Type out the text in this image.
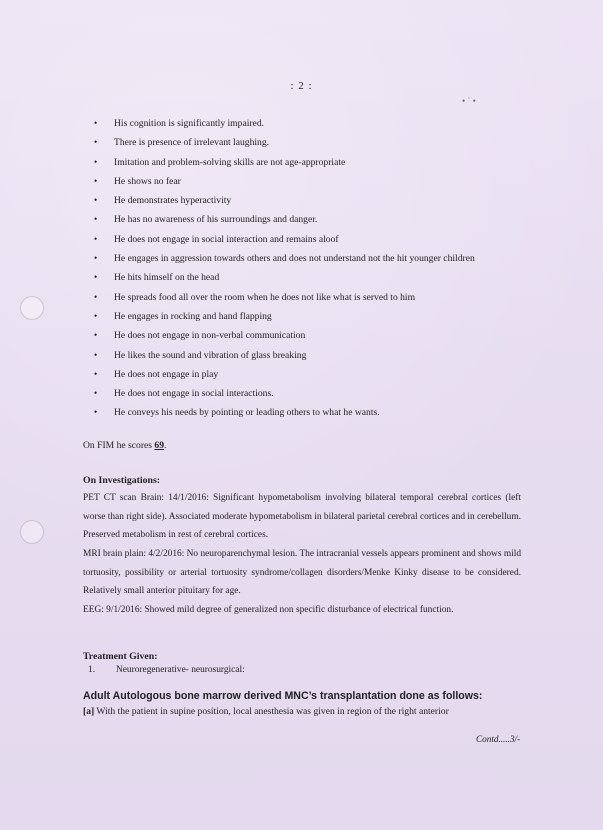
: 2 :
• ˙ •
• His cognition is significantly impaired.
• There is presence of irrelevant laughing.
• Imitation and problem-solving skills are not age-appropriate
• He shows no fear
• He demonstrates hyperactivity
• He has no awareness of his surroundings and danger.
• He does not engage in social interaction and remains aloof
• He engages in aggression towards others and does not understand not the hit younger children
• He hits himself on the head
• He spreads food all over the room when he does not like what is served to him
• He engages in rocking and hand flapping
• He does not engage in non-verbal communication
• He likes the sound and vibration of glass breaking
• He does not engage in play
• He does not engage in social interactions.
• He conveys his needs by pointing or leading others to what he wants.
On FIM he scores 69.
On Investigations:
PET CT scan Brain: 14/1/2016: Significant hypometabolism involving bilateral temporal cerebral cortices (left worse than right side). Associated moderate hypometabolism in bilateral parietal cerebral cortices and in cerebellum. Preserved metabolism in rest of cerebral cortices.
MRI brain plain: 4/2/2016: No neuroparenchymal lesion. The intracranial vessels appears prominent and shows mild tortuosity, possibility or arterial tortuosity syndrome/collagen disorders/Menke Kinky disease to be considered. Relatively small anterior pituitary for age.
EEG: 9/1/2016: Showed mild degree of generalized non specific disturbance of electrical function.
Treatment Given:
1. Neuroregenerative- neurosurgical:
Adult Autologous bone marrow derived MNC’s transplantation done as follows:
[a] With the patient in supine position, local anesthesia was given in region of the right anterior
Contd.....3/-
